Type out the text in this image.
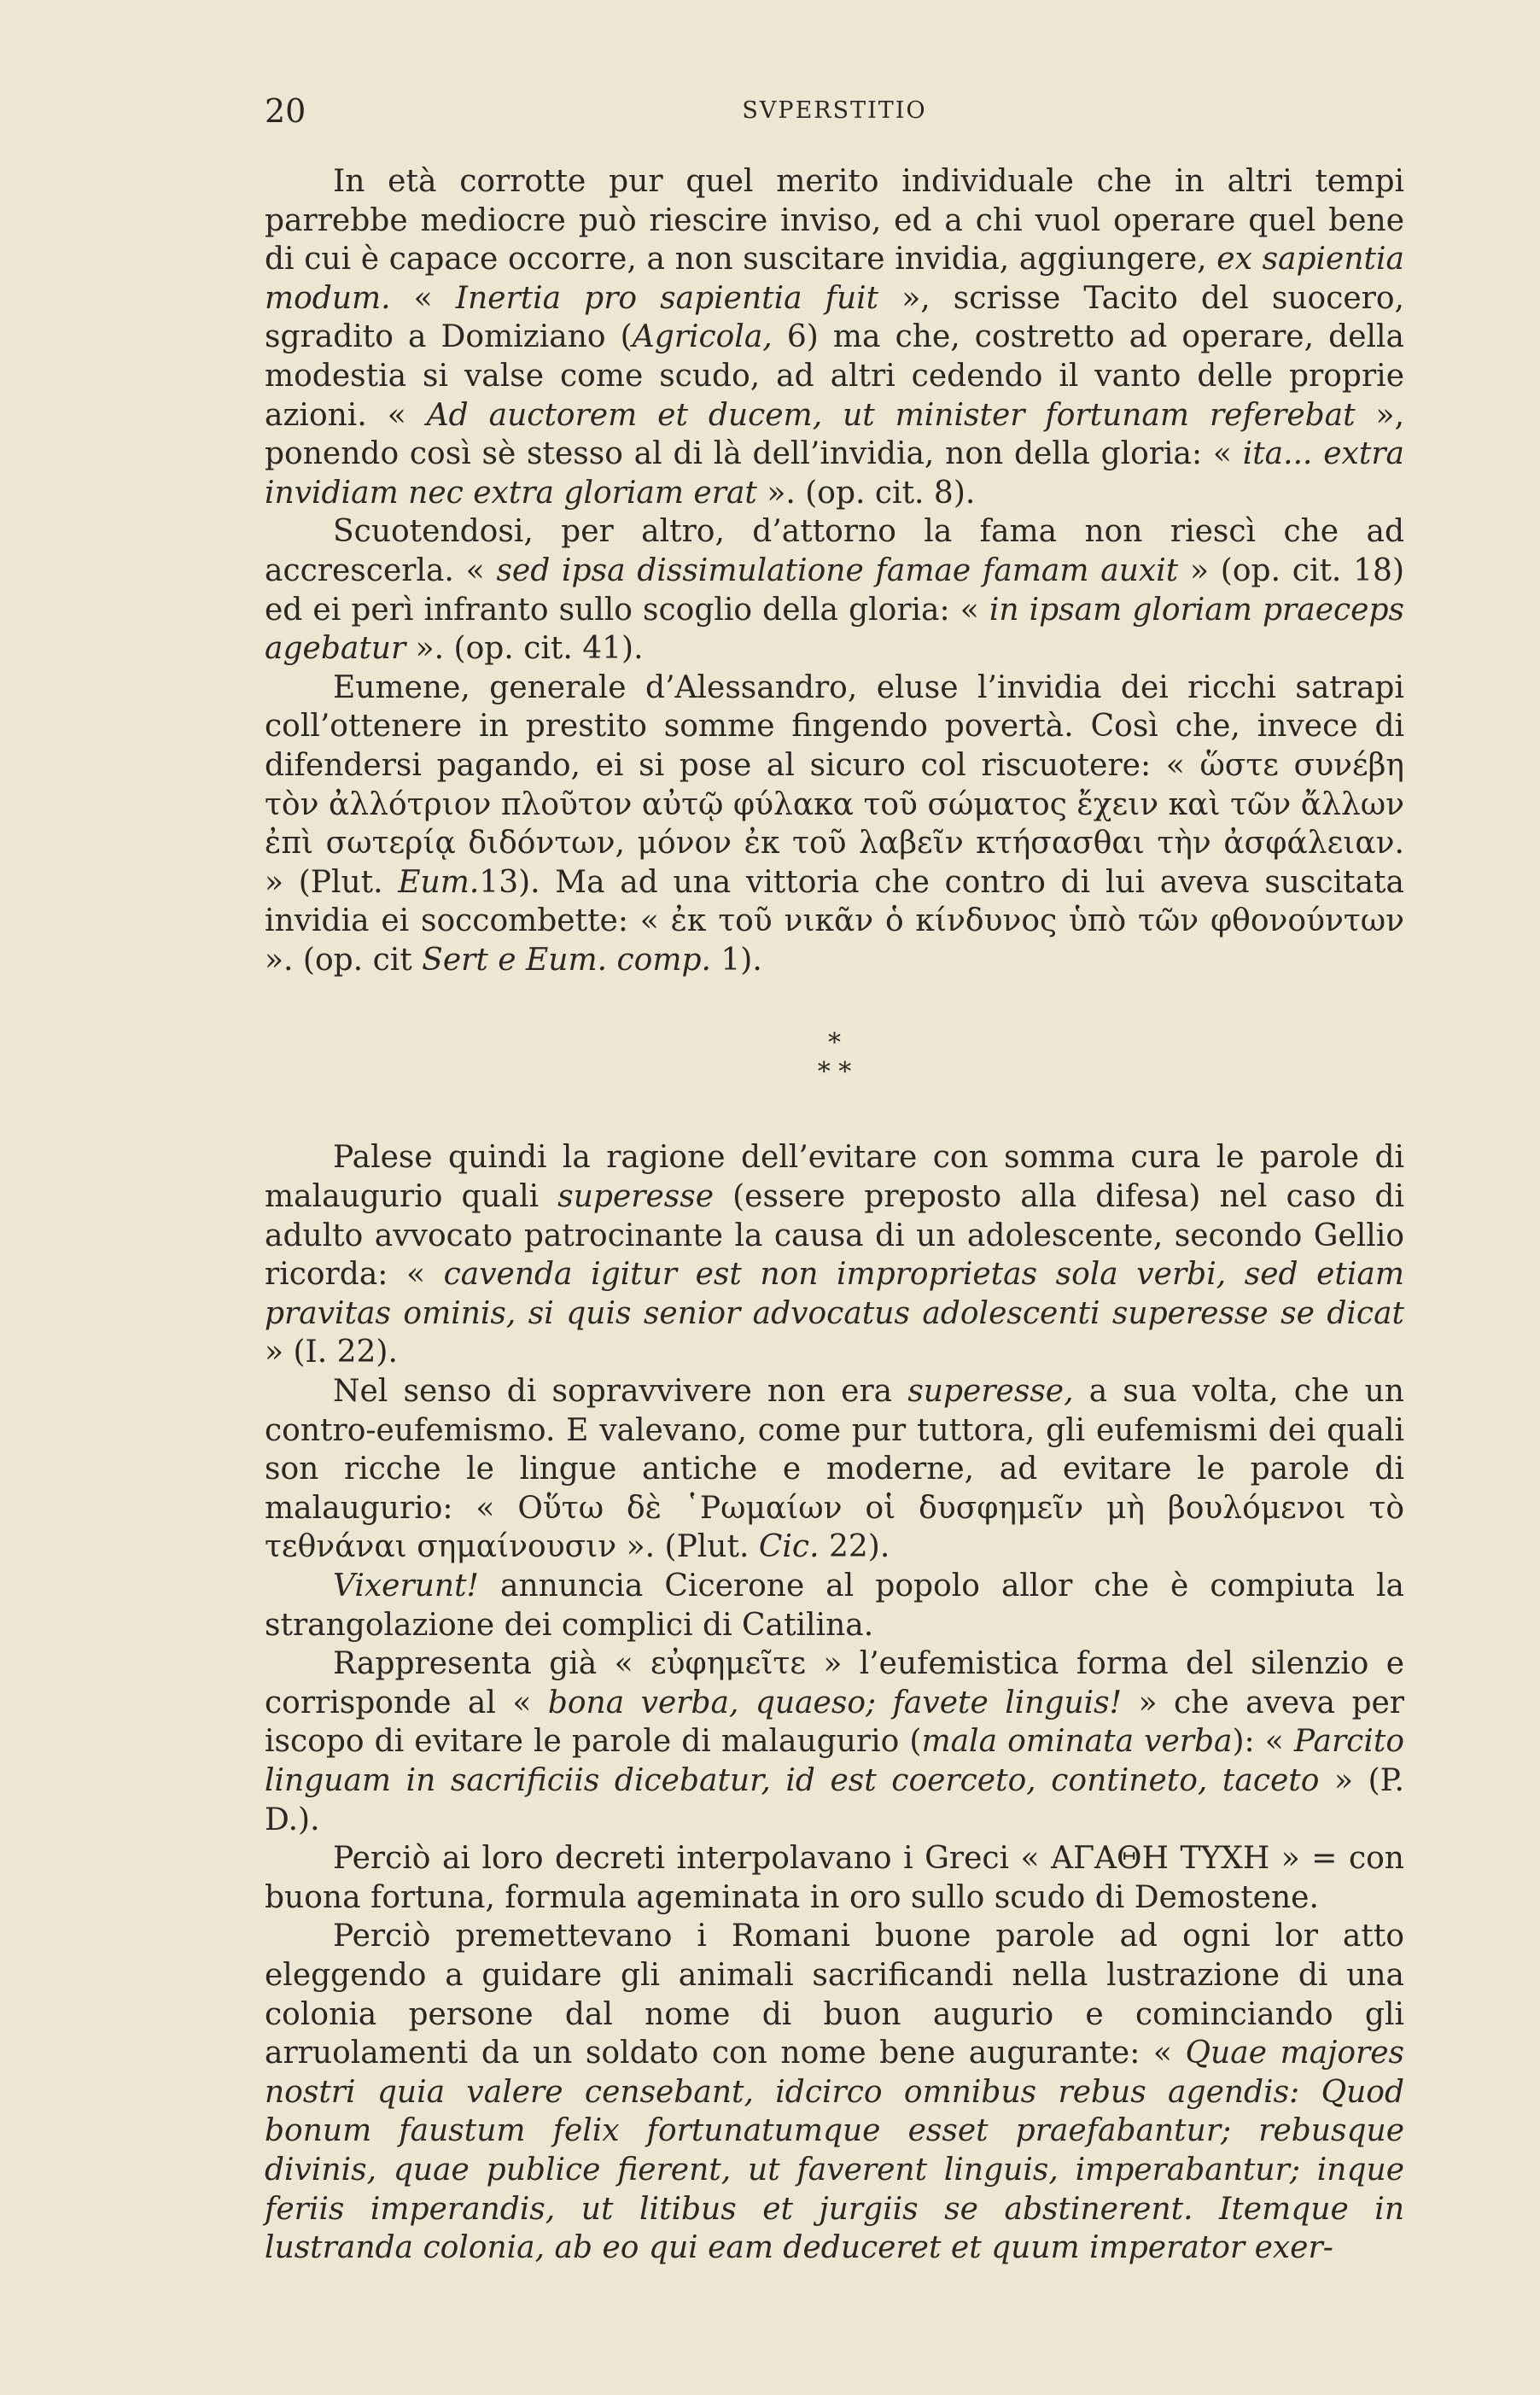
20	SVPERSTITIO

In età corrotte pur quel merito individuale che in altri tempi parrebbe mediocre può riescire inviso, ed a chi vuol operare quel bene di cui è capace occorre, a non suscitare invidia, aggiungere, ex sapientia modum. « Inertia pro sapientia fuit », scrisse Tacito del suocero, sgradito a Domiziano (Agricola, 6) ma che, costretto ad operare, della modestia si valse come scudo, ad altri cedendo il vanto delle proprie azioni. « Ad auctorem et ducem, ut minister fortunam referebat », ponendo così sè stesso al di là dell’invidia, non della gloria: « ita... extra invidiam nec extra gloriam erat ». (op. cit. 8).

Scuotendosi, per altro, d’attorno la fama non riescì che ad accrescerla. « sed ipsa dissimulatione famae famam auxit » (op. cit. 18) ed ei perì infranto sullo scoglio della gloria: « in ipsam gloriam praeceps agebatur ». (op. cit. 41).

Eumene, generale d’Alessandro, eluse l’invidia dei ricchi satrapi coll’ottenere in prestito somme fingendo povertà. Così che, invece di difendersi pagando, ei si pose al sicuro col riscuotere: « ὥστε συνέβη τὸν ἀλλότριον πλοῦτον αὐτῷ φύλακα τοῦ σώματος ἔχειν καὶ τῶν ἄλλων ἐπὶ σωτερίᾳ διδόντων, μόνον ἐκ τοῦ λαβεῖν κτήσασθαι τὴν ἀσφάλειαν. » (Plut. Eum.13). Ma ad una vittoria che contro di lui aveva suscitata invidia ei soccombette: « ἐκ τοῦ νικᾶν ὁ κίνδυνος ὑπὸ τῶν φθονούντων ». (op. cit Sert e Eum. comp. 1).

*
* *

Palese quindi la ragione dell’evitare con somma cura le parole di malaugurio quali superesse (essere preposto alla difesa) nel caso di adulto avvocato patrocinante la causa di un adolescente, secondo Gellio ricorda: « cavenda igitur est non improprietas sola verbi, sed etiam pravitas ominis, si quis senior advocatus adolescenti superesse se dicat » (I. 22).

Nel senso di sopravvivere non era superesse, a sua volta, che un contro-eufemismo. E valevano, come pur tuttora, gli eufemismi dei quali son ricche le lingue antiche e moderne, ad evitare le parole di malaugurio: « Οὕτω δὲ ῾Ρωμαίων οἱ δυσφημεῖν μὴ βουλόμενοι τὸ τεθνάναι σημαίνουσιν ». (Plut. Cic. 22).

Vixerunt! annuncia Cicerone al popolo allor che è compiuta la strangolazione dei complici di Catilina.

Rappresenta già « εὐφημεῖτε » l’eufemistica forma del silenzio e corrisponde al « bona verba, quaeso; favete linguis! » che aveva per iscopo di evitare le parole di malaugurio (mala ominata verba): « Parcito linguam in sacrificiis dicebatur, id est coerceto, contineto, taceto » (P. D.).

Perciò ai loro decreti interpolavano i Greci « ΑΓΑΘΗ ΤΥΧΗ » = con buona fortuna, formula ageminata in oro sullo scudo di Demostene.

Perciò premettevano i Romani buone parole ad ogni lor atto eleggendo a guidare gli animali sacrificandi nella lustrazione di una colonia persone dal nome di buon augurio e cominciando gli arruolamenti da un soldato con nome bene augurante: « Quae majores nostri quia valere censebant, idcirco omnibus rebus agendis: Quod bonum faustum felix fortunatumque esset praefabantur; rebusque divinis, quae publice fierent, ut faverent linguis, imperabantur; inque feriis imperandis, ut litibus et jurgiis se abstinerent. Itemque in lustranda colonia, ab eo qui eam deduceret et quum imperator exer-
